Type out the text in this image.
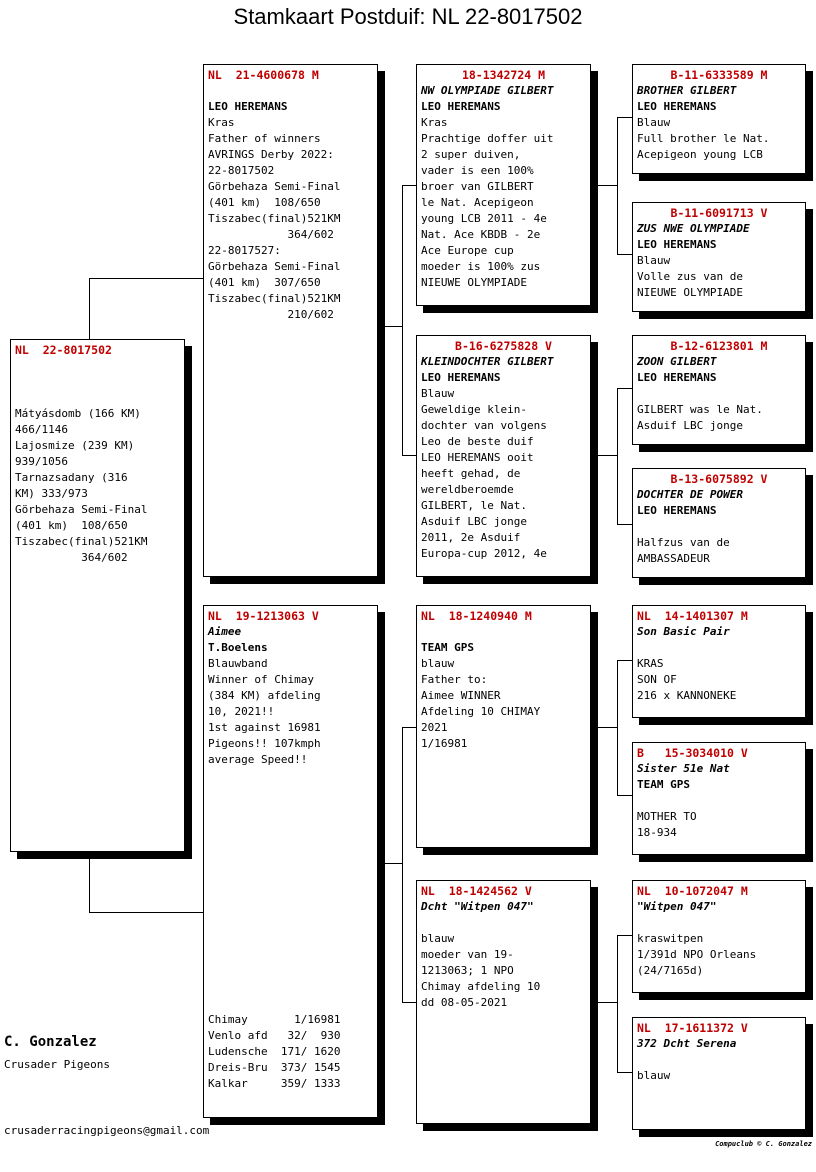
Stamkaart Postduif: NL 22-8017502
NL  22-8017502
Mátyásdomb (166 KM)
466/1146
Lajosmize (239 KM)
939/1056
Tarnazsadany (316
KM) 333/973
Görbehaza Semi-Final
(401 km)  108/650
Tiszabec(final)521KM
364/602
NL  21-4600678 M
LEO HEREMANS
Kras
Father of winners
AVRINGS Derby 2022:
22-8017502
Görbehaza Semi-Final
(401 km)  108/650
Tiszabec(final)521KM
364/602
22-8017527:
Görbehaza Semi-Final
(401 km)  307/650
Tiszabec(final)521KM
210/602
NL  19-1213063 V
Aimee
T.Boelens
Blauwband
Winner of Chimay
(384 KM) afdeling
10, 2021!!
1st against 16981
Pigeons!! 107kmph
average Speed!!
Chimay       1/16981
Venlo afd   32/  930
Ludensche  171/ 1620
Dreis-Bru  373/ 1545
Kalkar     359/ 1333
18-1342724 M
NW OLYMPIADE GILBERT
LEO HEREMANS
Kras
Prachtige doffer uit
2 super duiven,
vader is een 100%
broer van GILBERT
le Nat. Acepigeon
young LCB 2011 - 4e
Nat. Ace KBDB - 2e
Ace Europe cup
moeder is 100% zus
NIEUWE OLYMPIADE
B-16-6275828 V
KLEINDOCHTER GILBERT
LEO HEREMANS
Blauw
Geweldige klein-
dochter van volgens
Leo de beste duif
LEO HEREMANS ooit
heeft gehad, de
wereldberoemde
GILBERT, le Nat.
Asduif LBC jonge
2011, 2e Asduif
Europa-cup 2012, 4e
NL  18-1240940 M
TEAM GPS
blauw
Father to:
Aimee WINNER
Afdeling 10 CHIMAY
2021
1/16981
NL  18-1424562 V
Dcht "Witpen 047"
blauw
moeder van 19-
1213063; 1 NPO
Chimay afdeling 10
dd 08-05-2021
B-11-6333589 M
BROTHER GILBERT
LEO HEREMANS
Blauw
Full brother le Nat.
Acepigeon young LCB
B-11-6091713 V
ZUS NWE OLYMPIADE
LEO HEREMANS
Blauw
Volle zus van de
NIEUWE OLYMPIADE
B-12-6123801 M
ZOON GILBERT
LEO HEREMANS
GILBERT was le Nat.
Asduif LBC jonge
B-13-6075892 V
DOCHTER DE POWER
LEO HEREMANS
Halfzus van de
AMBASSADEUR
NL  14-1401307 M
Son Basic Pair
KRAS
SON OF
216 x KANNONEKE
B   15-3034010 V
Sister 51e Nat
TEAM GPS
MOTHER TO
18-934
NL  10-1072047 M
"Witpen 047"
kraswitpen
1/391d NPO Orleans
(24/7165d)
NL  17-1611372 V
372 Dcht Serena
blauw
C. Gonzalez
Crusader Pigeons
crusaderracingpigeons@gmail.com
Compuclub © C. Gonzalez
